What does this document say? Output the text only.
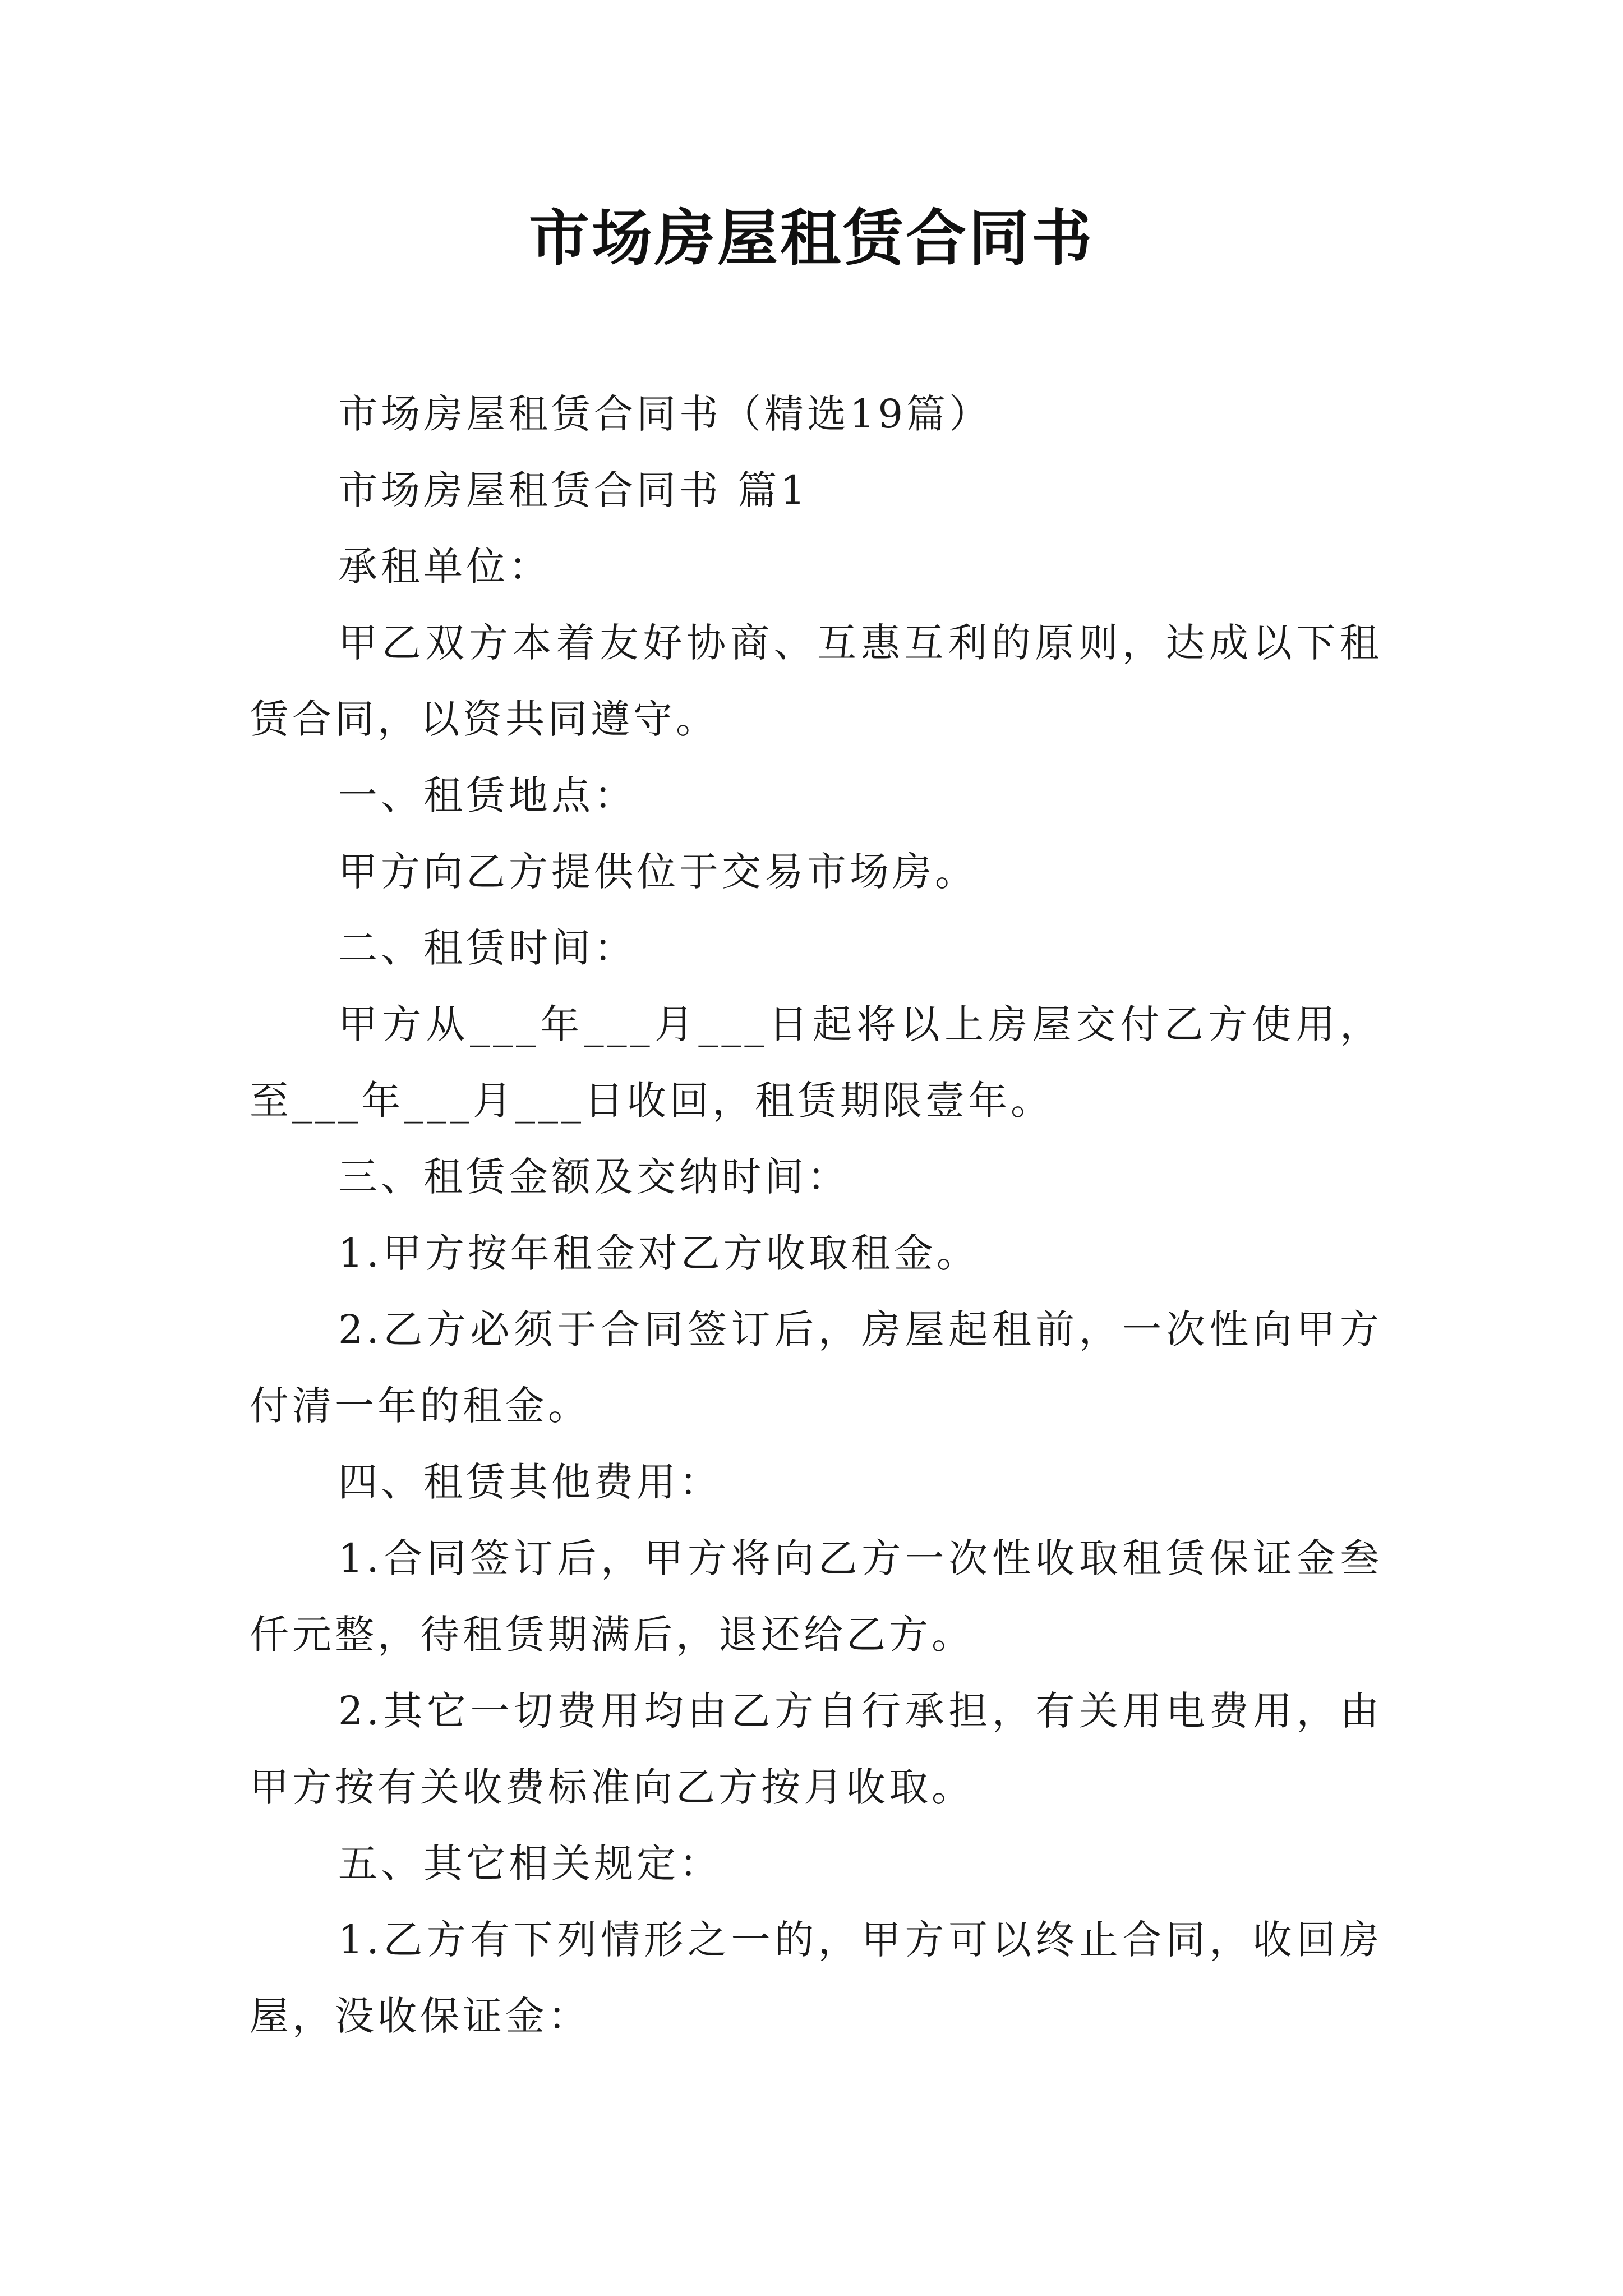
市场房屋租赁合同书

市场房屋租赁合同书（精选19篇）

市场房屋租赁合同书 篇1

承租单位：

甲乙双方本着友好协商、互惠互利的原则，达成以下租赁合同，以资共同遵守。

一、租赁地点：

甲方向乙方提供位于交易市场房。

二、租赁时间：

甲方从___年___月___日起将以上房屋交付乙方使用，至___年___月___日收回，租赁期限壹年。

三、租赁金额及交纳时间：

1.甲方按年租金对乙方收取租金。

2.乙方必须于合同签订后，房屋起租前，一次性向甲方付清一年的租金。

四、租赁其他费用：

1.合同签订后，甲方将向乙方一次性收取租赁保证金叁仟元整，待租赁期满后，退还给乙方。

2.其它一切费用均由乙方自行承担，有关用电费用，由甲方按有关收费标准向乙方按月收取。

五、其它相关规定：

1.乙方有下列情形之一的，甲方可以终止合同，收回房屋，没收保证金：
